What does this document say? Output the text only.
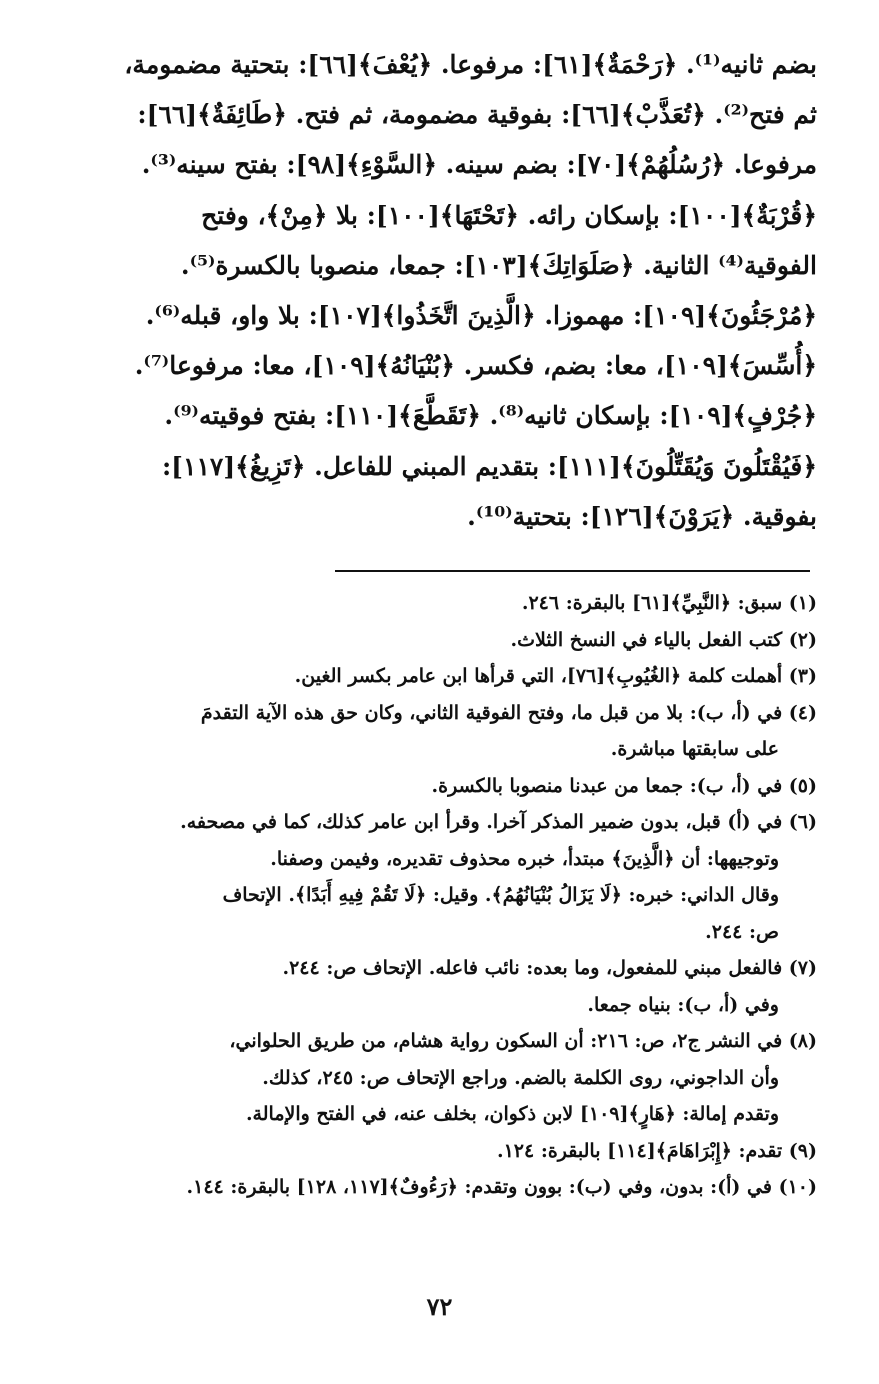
بضم ثانيه⁽¹⁾. ﴿رَحْمَةٌ﴾[٦١]: مرفوعا. ﴿يُعْفَ﴾[٦٦]: بتحتية مضمومة،

ثم فتح⁽²⁾. ﴿تُعَذَّبْ﴾[٦٦]: بفوقية مضمومة، ثم فتح. ﴿طَائِفَةٌ﴾[٦٦]:

مرفوعا. ﴿رُسُلُهُمْ﴾[٧٠]: بضم سينه. ﴿السَّوْءِ﴾[٩٨]: بفتح سينه⁽³⁾.

﴿قُرْبَةٌ﴾[١٠٠]: بإسكان رائه. ﴿تَحْتَهَا﴾[١٠٠]: بلا ﴿مِنْ﴾، وفتح

الفوقية⁽⁴⁾ الثانية. ﴿صَلَوَاتِكَ﴾[١٠٣]: جمعا، منصوبا بالكسرة⁽⁵⁾.

﴿مُرْجَئُونَ﴾[١٠٩]: مهموزا. ﴿الَّذِينَ اتَّخَذُوا﴾[١٠٧]: بلا واو، قبله⁽⁶⁾.

﴿أُسِّسَ﴾[١٠٩]، معا: بضم، فكسر. ﴿بُنْيَانُهُ﴾[١٠٩]، معا: مرفوعا⁽⁷⁾.

﴿جُرْفٍ﴾[١٠٩]: بإسكان ثانيه⁽⁸⁾. ﴿تَقَطَّعَ﴾[١١٠]: بفتح فوقيته⁽⁹⁾.

﴿فَيُقْتَلُونَ وَيُقَتِّلُونَ﴾[١١١]: بتقديم المبني للفاعل. ﴿تَزِيغُ﴾[١١٧]:

بفوقية. ﴿يَرَوْنَ﴾[١٢٦]: بتحتية⁽¹⁰⁾.

(١) سبق: ﴿النَّبِيِّ﴾[٦١] بالبقرة: ٢٤٦.
(٢) كتب الفعل بالياء في النسخ الثلاث.
(٣) أهملت كلمة ﴿الغُيُوبِ﴾[٧٦]، التي قرأها ابن عامر بكسر الغين.
(٤) في (أ، ب): بلا من قبل ما، وفتح الفوقية الثاني، وكان حق هذه الآية التقدمَ
على سابقتها مباشرة.
(٥) في (أ، ب): جمعا من عبدنا منصوبا بالكسرة.
(٦) في (أ) قبل، بدون ضمير المذكر آخرا. وقرأ ابن عامر كذلك، كما في مصحفه.
وتوجيهها: أن ﴿الَّذِينَ﴾ مبتدأ، خبره محذوف تقديره، وفيمن وصفنا.
وقال الداني: خبره: ﴿لَا يَزَالُ بُنْيَانُهُمُ﴾. وقيل: ﴿لَا تَقُمْ فِيهِ أَبَدًا﴾. الإتحاف
ص: ٢٤٤.
(٧) فالفعل مبني للمفعول، وما بعده: نائب فاعله. الإتحاف ص: ٢٤٤.
وفي (أ، ب): بنياه جمعا.
(٨) في النشر ج٢، ص: ٢١٦: أن السكون رواية هشام، من طريق الحلواني،
وأن الداجوني، روى الكلمة بالضم. وراجع الإتحاف ص: ٢٤٥، كذلك.
وتقدم إمالة: ﴿هَارٍ﴾[١٠٩] لابن ذكوان، بخلف عنه، في الفتح والإمالة.
(٩) تقدم: ﴿إِبْرَاهَامَ﴾[١١٤] بالبقرة: ١٢٤.
(١٠) في (أ): بدون، وفي (ب): بوون وتقدم: ﴿رَءُوفٌ﴾[١١٧، ١٢٨] بالبقرة: ١٤٤.
٧٢
